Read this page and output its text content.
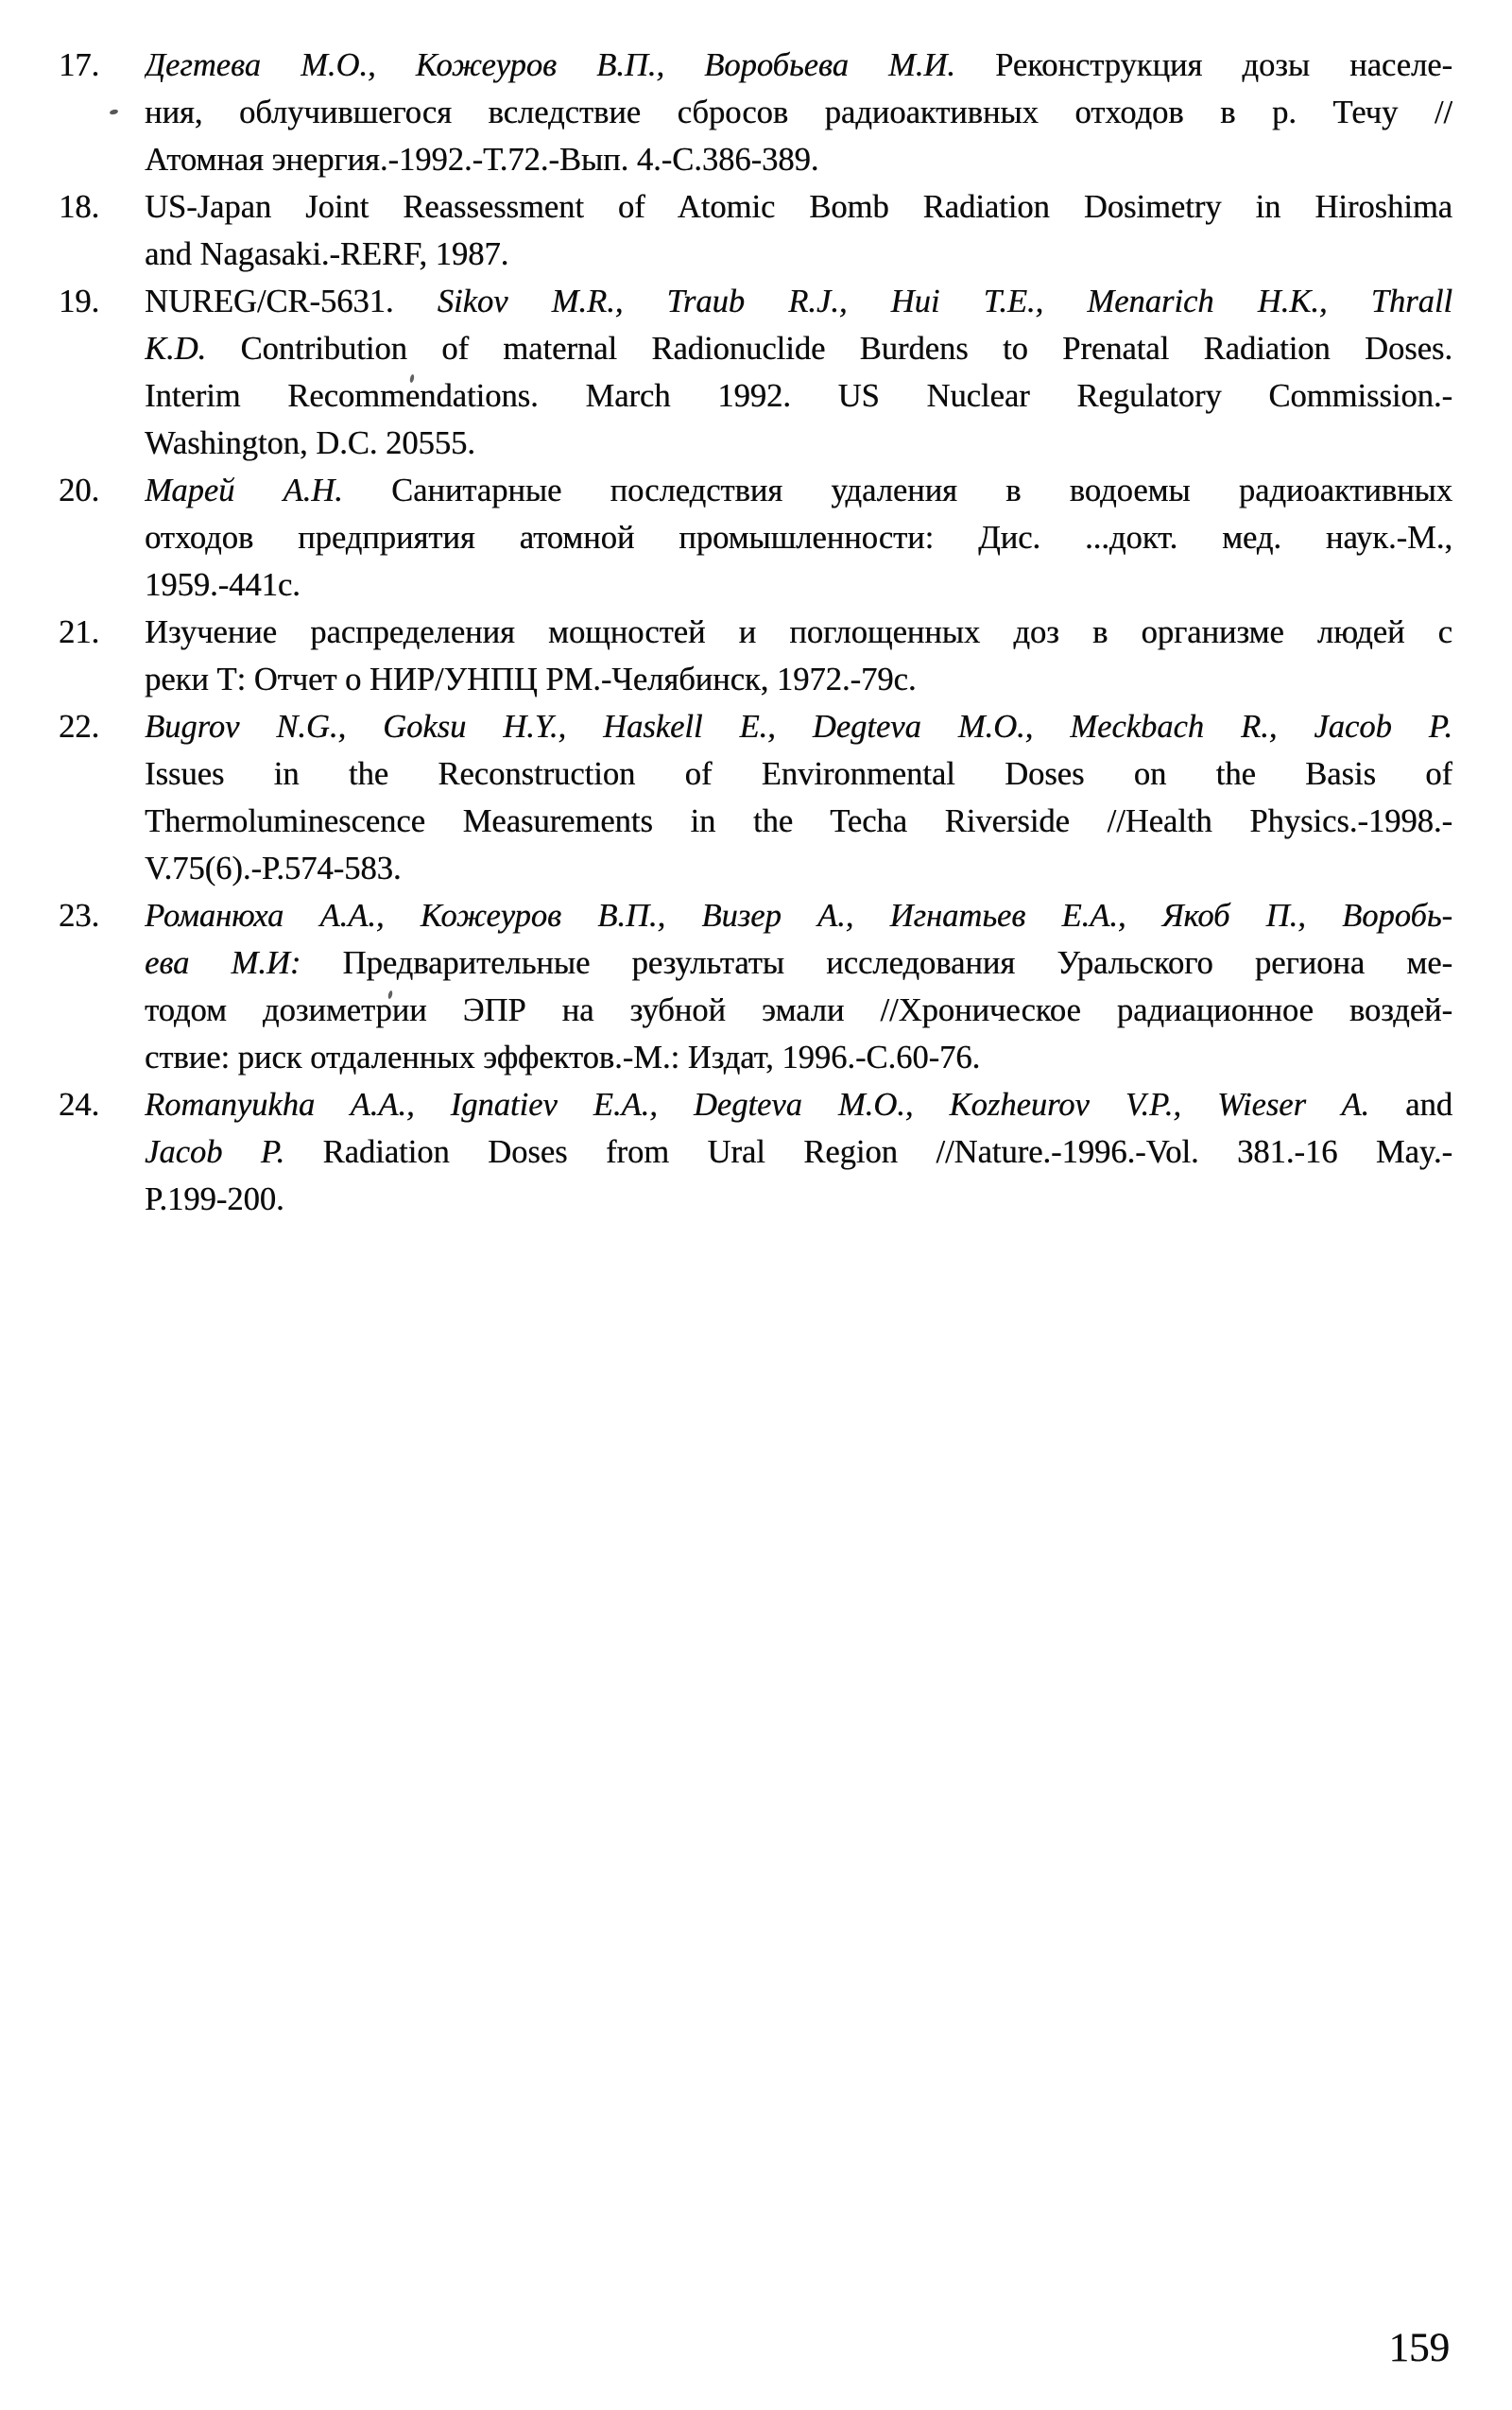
17.	Дегтева М.О., Кожеуров В.П., Воробьева М.И. Реконструкция дозы населе-
ния, облучившегося вследствие сбросов радиоактивных отходов в р. Течу //
Атомная энергия.-1992.-Т.72.-Вып. 4.-С.386-389.
18.	US-Japan Joint Reassessment of Atomic Bomb Radiation Dosimetry in Hiroshima
and Nagasaki.-RERF, 1987.
19.	NUREG/CR-5631. Sikov M.R., Traub R.J., Hui T.E., Menarich H.K., Thrall
K.D. Contribution of maternal Radionuclide Burdens to Prenatal Radiation Doses.
Interim Recommendations. March 1992. US Nuclear Regulatory Commission.-
Washington, D.C. 20555.
20.	Марей А.Н. Санитарные последствия удаления в водоемы радиоактивных
отходов предприятия атомной промышленности: Дис. ...докт. мед. наук.-М.,
1959.-441с.
21.	Изучение распределения мощностей и поглощенных доз в организме людей с
реки Т: Отчет о НИР/УНПЦ РМ.-Челябинск, 1972.-79с.
22.	Bugrov N.G., Goksu H.Y., Haskell E., Degteva M.O., Meckbach R., Jacob P.
Issues in the Reconstruction of Environmental Doses on the Basis of
Thermoluminescence Measurements in the Techa Riverside //Health Physics.-1998.-
V.75(6).-P.574-583.
23.	Романюха А.А., Кожеуров В.П., Визер А., Игнатьев Е.А., Якоб П., Воробь-
ева М.И: Предварительные результаты исследования Уральского региона ме-
тодом дозиметрии ЭПР на зубной эмали //Хроническое радиационное воздей-
ствие: риск отдаленных эффектов.-М.: Издат, 1996.-С.60-76.
24.	Romanyukha A.A., Ignatiev E.A., Degteva M.O., Kozheurov V.P., Wieser A. and
Jacob P. Radiation Doses from Ural Region //Nature.-1996.-Vol. 381.-16 May.-
P.199-200.
159
